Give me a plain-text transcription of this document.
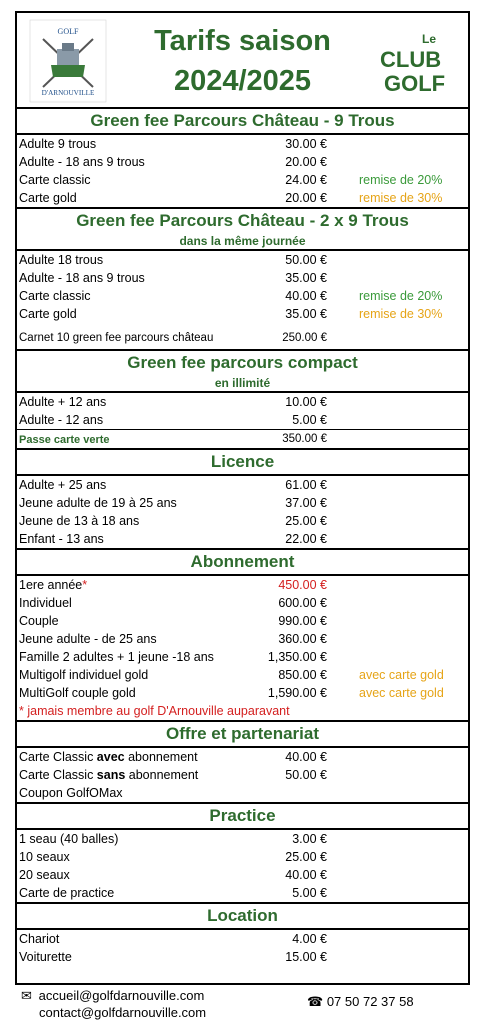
GOLF
D'ARNOUVILLE
Tarifs saison
2024/2025
Le
CLUB
GOLF
Green fee Parcours Château - 9 Trous
Adulte 9 trous	30.00 €
Adulte - 18 ans 9 trous	20.00 €
Carte classic	24.00 €	remise de 20%
Carte gold	20.00 €	remise de 30%
Green fee Parcours Château - 2 x 9 Trous
dans la même journée
Adulte 18 trous	50.00 €
Adulte - 18 ans 9 trous	35.00 €
Carte classic	40.00 €	remise de 20%
Carte gold	35.00 €	remise de 30%
Carnet 10 green fee parcours château	250.00 €
Green fee parcours compact
en illimité
Adulte + 12 ans	10.00 €
Adulte - 12 ans	5.00 €
Passe carte verte	350.00 €
Licence
Adulte + 25 ans	61.00 €
Jeune adulte de 19 à 25 ans	37.00 €
Jeune de 13 à 18 ans	25.00 €
Enfant - 13 ans	22.00 €
Abonnement
1ere année*	450.00 €
Individuel	600.00 €
Couple	990.00 €
Jeune adulte - de 25 ans	360.00 €
Famille 2 adultes + 1 jeune -18 ans	1,350.00 €
Multigolf individuel gold	850.00 €	avec carte gold
MultiGolf couple gold	1,590.00 €	avec carte gold
* jamais membre au golf D'Arnouville auparavant
Offre et partenariat
Carte Classic avec abonnement	40.00 €
Carte Classic sans abonnement	50.00 €
Coupon GolfOMax
Practice
1 seau (40 balles)	3.00 €
10 seaux	25.00 €
20 seaux	40.00 €
Carte de practice	5.00 €
Location
Chariot	4.00 €
Voiturette	15.00 €
✉ accueil@golfdarnouville.com
contact@golfdarnouville.com
☎ 07 50 72 37 58
